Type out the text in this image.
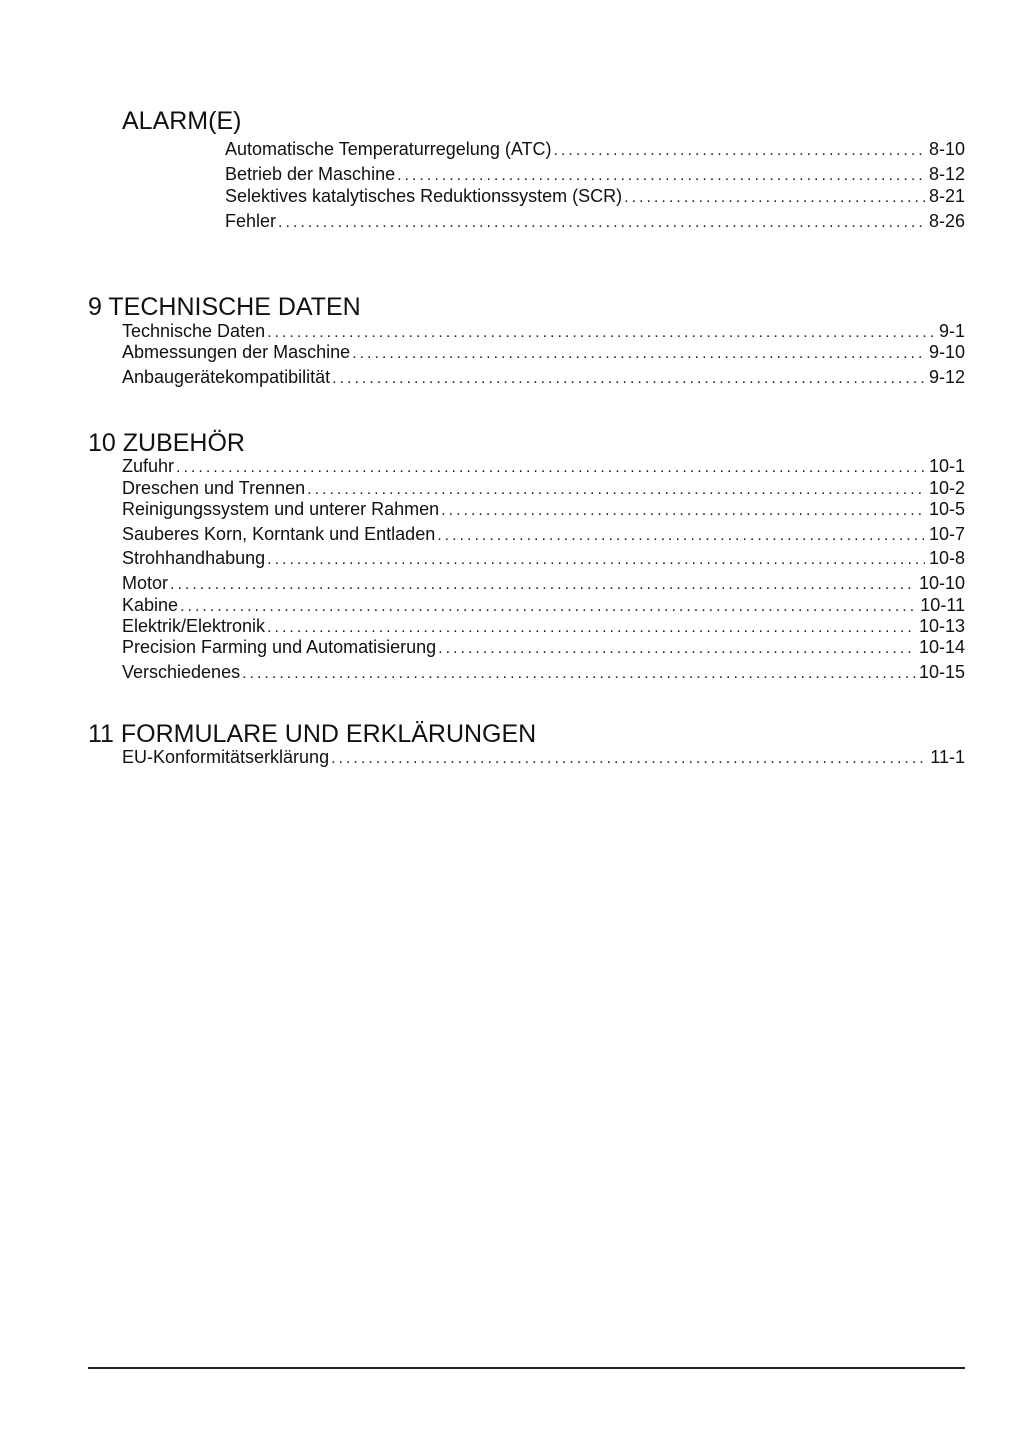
ALARM(E)
Automatische Temperaturregelung (ATC) .....	8-10
Betrieb der Maschine .....	8-12
Selektives katalytisches Reduktionssystem (SCR) .....	8-21
Fehler .....	8-26
9 TECHNISCHE DATEN
Technische Daten .....	9-1
Abmessungen der Maschine .....	9-10
Anbaugerätekompatibilität .....	9-12
10 ZUBEHÖR
Zufuhr .....	10-1
Dreschen und Trennen .....	10-2
Reinigungssystem und unterer Rahmen .....	10-5
Sauberes Korn, Korntank und Entladen .....	10-7
Strohhandhabung .....	10-8
Motor .....	10-10
Kabine .....	10-11
Elektrik/Elektronik .....	10-13
Precision Farming und Automatisierung .....	10-14
Verschiedenes .....	10-15
11 FORMULARE UND ERKLÄRUNGEN
EU-Konformitätserklärung .....	11-1
